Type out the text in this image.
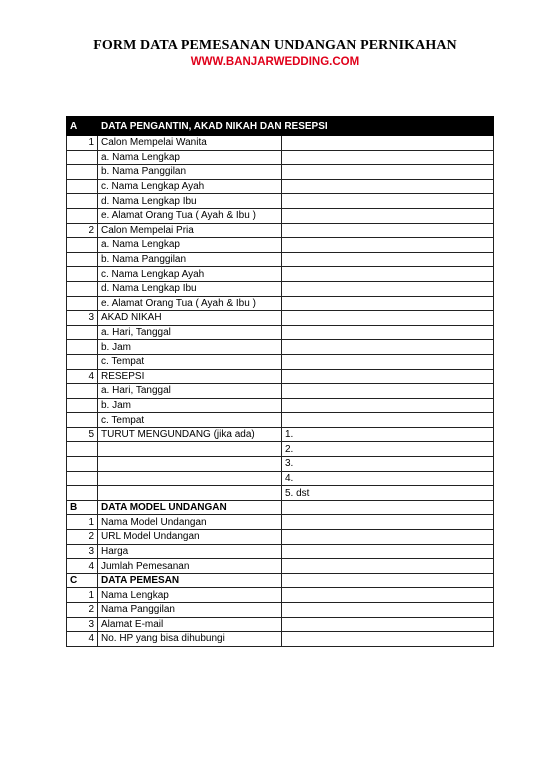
FORM DATA PEMESANAN UNDANGAN PERNIKAHAN
WWW.BANJARWEDDING.COM
A	DATA PENGANTIN, AKAD NIKAH DAN RESEPSI	
1	Calon Mempelai Wanita	
	a. Nama Lengkap	
	b. Nama Panggilan	
	c. Nama Lengkap Ayah	
	d. Nama Lengkap Ibu	
	e. Alamat Orang Tua ( Ayah & Ibu )	
2	Calon Mempelai Pria	
	a. Nama Lengkap	
	b. Nama Panggilan	
	c. Nama Lengkap Ayah	
	d. Nama Lengkap Ibu	
	e. Alamat Orang Tua ( Ayah & Ibu )	
3	AKAD NIKAH	
	a. Hari, Tanggal	
	b. Jam	
	c. Tempat	
4	RESEPSI	
	a. Hari, Tanggal	
	b. Jam	
	c. Tempat	
5	TURUT MENGUNDANG (jika ada)	1.
		2.
		3.
		4.
		5. dst
B	DATA MODEL UNDANGAN	
1	Nama Model Undangan	
2	URL Model Undangan	
3	Harga	
4	Jumlah Pemesanan	
C	DATA PEMESAN	
1	Nama Lengkap	
2	Nama Panggilan	
3	Alamat E-mail	
4	No. HP yang bisa dihubungi	
